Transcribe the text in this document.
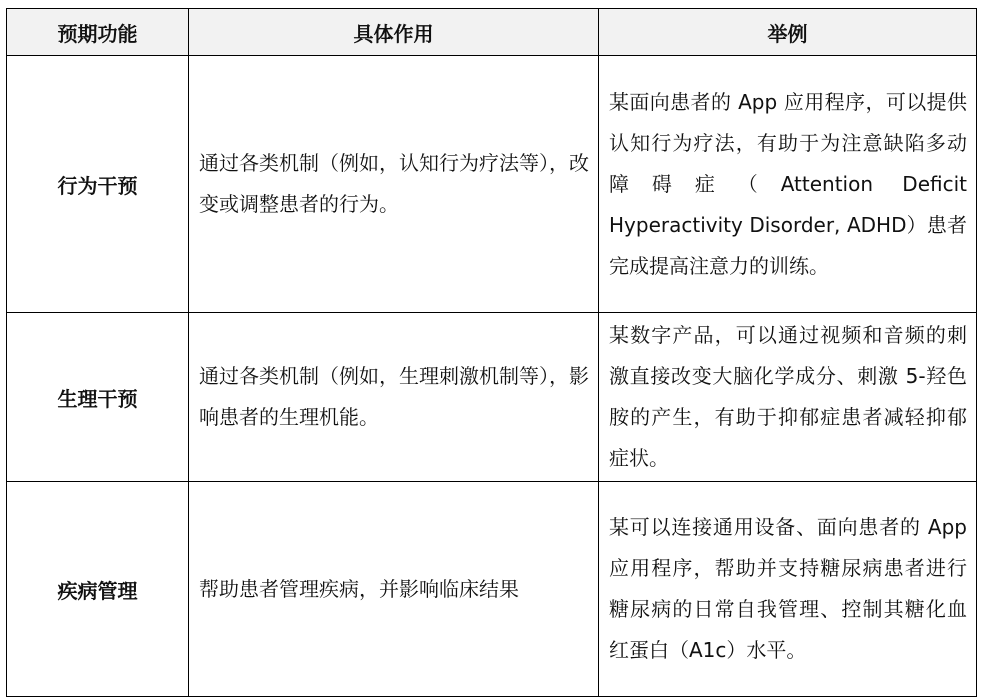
预期功能	具体作用	举例
行为干预	通过各类机制（例如，认知行为疗法等），改变或调整患者的行为。	某面向患者的 App 应用程序，可以提供认知行为疗法，有助于为注意缺陷多动障碍症（Attention Deficit Hyperactivity Disorder, ADHD）患者完成提高注意力的训练。
生理干预	通过各类机制（例如，生理刺激机制等），影响患者的生理机能。	某数字产品，可以通过视频和音频的刺激直接改变大脑化学成分、刺激 5-羟色胺的产生，有助于抑郁症患者减轻抑郁症状。
疾病管理	帮助患者管理疾病，并影响临床结果	某可以连接通用设备、面向患者的 App 应用程序，帮助并支持糖尿病患者进行糖尿病的日常自我管理、控制其糖化血红蛋白（A1c）水平。
